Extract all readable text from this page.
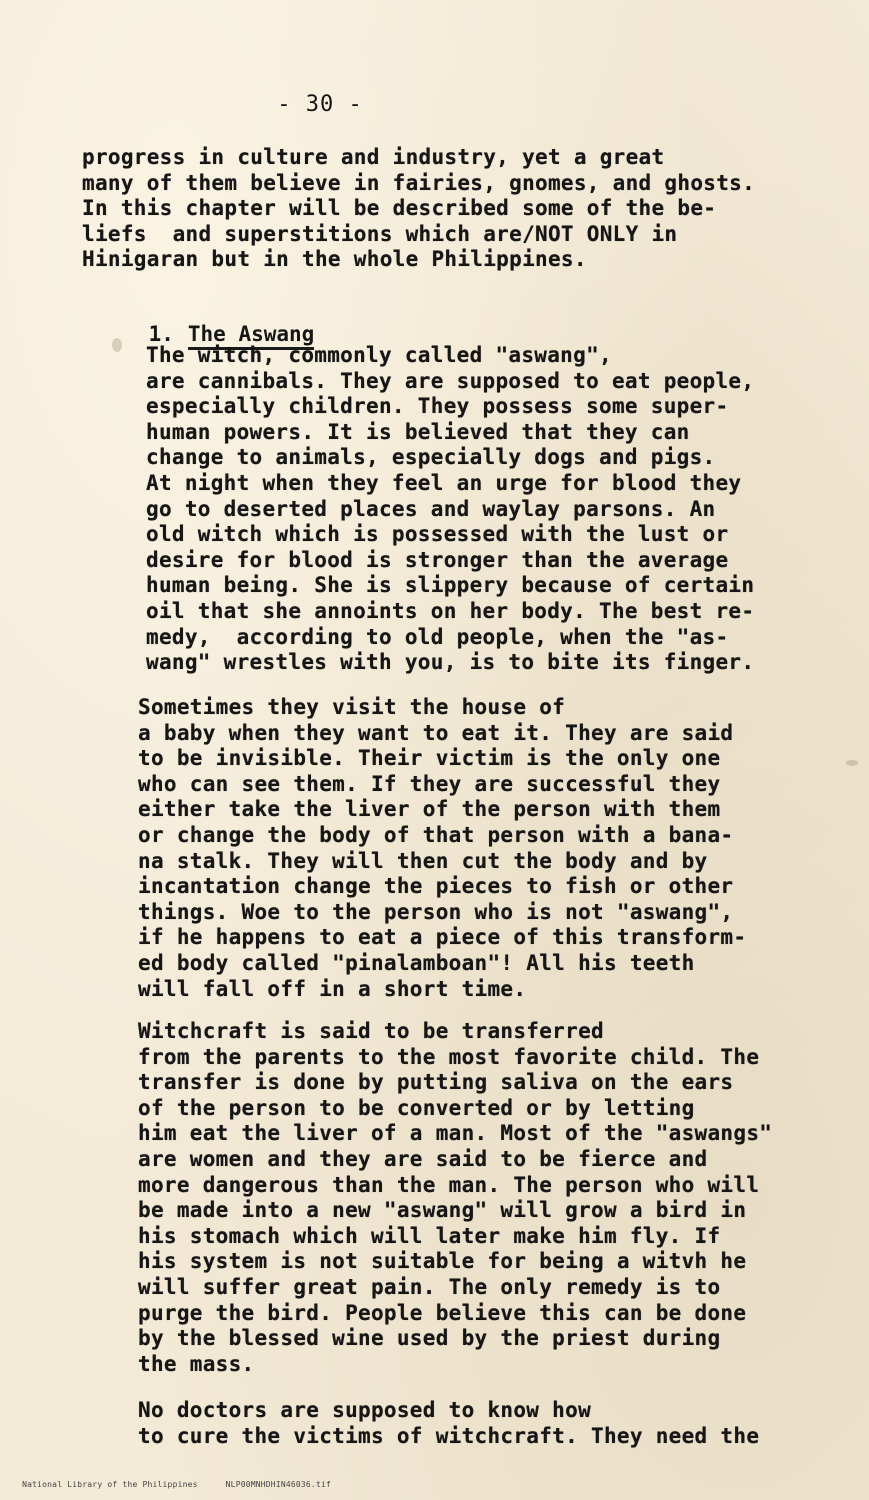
- 30 -

progress in culture and industry, yet a great
many of them believe in fairies, gnomes, and ghosts.
In this chapter will be described some of the be-
liefs  and superstitions which are/NOT ONLY in
Hinigaran but in the whole Philippines.

1. The Aswang

The witch, commonly called "aswang",
are cannibals. They are supposed to eat people,
especially children. They possess some super-
human powers. It is believed that they can
change to animals, especially dogs and pigs.
At night when they feel an urge for blood they
go to deserted places and waylay parsons. An
old witch which is possessed with the lust or
desire for blood is stronger than the average
human being. She is slippery because of certain
oil that she annoints on her body. The best re-
medy,  according to old people, when the "as-
wang" wrestles with you, is to bite its finger.

Sometimes they visit the house of
a baby when they want to eat it. They are said
to be invisible. Their victim is the only one
who can see them. If they are successful they
either take the liver of the person with them
or change the body of that person with a bana-
na stalk. They will then cut the body and by
incantation change the pieces to fish or other
things. Woe to the person who is not "aswang",
if he happens to eat a piece of this transform-
ed body called "pinalamboan"! All his teeth
will fall off in a short time.

Witchcraft is said to be transferred
from the parents to the most favorite child. The
transfer is done by putting saliva on the ears
of the person to be converted or by letting
him eat the liver of a man. Most of the "aswangs"
are women and they are said to be fierce and
more dangerous than the man. The person who will
be made into a new "aswang" will grow a bird in
his stomach which will later make him fly. If
his system is not suitable for being a witvh he
will suffer great pain. The only remedy is to
purge the bird. People believe this can be done
by the blessed wine used by the priest during
the mass.

No doctors are supposed to know how
to cure the victims of witchcraft. They need the

National Library of the Philippines	NLP00MNHDHIN46036.tif
